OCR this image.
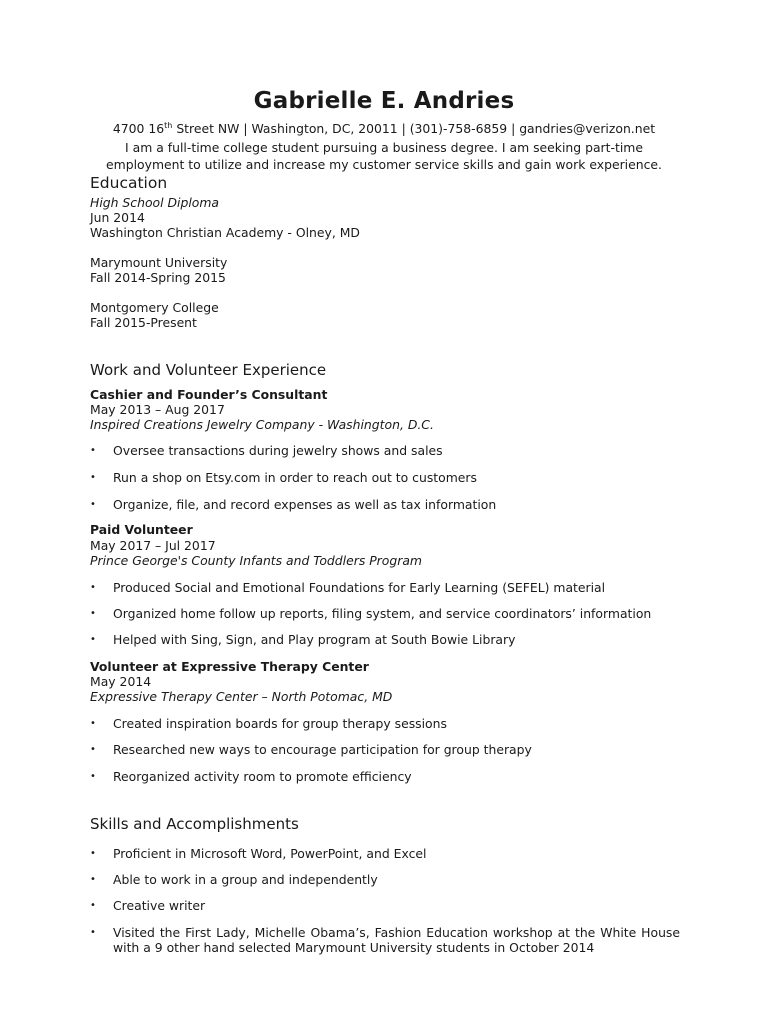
Gabrielle E. Andries
4700 16th Street NW | Washington, DC, 20011 | (301)-758-6859 | gandries@verizon.net
I am a full-time college student pursuing a business degree. I am seeking part-time employment to utilize and increase my customer service skills and gain work experience.
Education
High School Diploma
Jun 2014
Washington Christian Academy - Olney, MD
Marymount University
Fall 2014-Spring 2015
Montgomery College
Fall 2015-Present
Work and Volunteer Experience
Cashier and Founder’s Consultant
May 2013 – Aug 2017
Inspired Creations Jewelry Company - Washington, D.C.
• Oversee transactions during jewelry shows and sales
• Run a shop on Etsy.com in order to reach out to customers
• Organize, file, and record expenses as well as tax information
Paid Volunteer
May 2017 – Jul 2017
Prince George's County Infants and Toddlers Program
• Produced Social and Emotional Foundations for Early Learning (SEFEL) material
• Organized home follow up reports, filing system, and service coordinators’ information
• Helped with Sing, Sign, and Play program at South Bowie Library
Volunteer at Expressive Therapy Center
May 2014
Expressive Therapy Center – North Potomac, MD
• Created inspiration boards for group therapy sessions
• Researched new ways to encourage participation for group therapy
• Reorganized activity room to promote efficiency
Skills and Accomplishments
• Proficient in Microsoft Word, PowerPoint, and Excel
• Able to work in a group and independently
• Creative writer
• Visited the First Lady, Michelle Obama’s, Fashion Education workshop at the White House with a 9 other hand selected Marymount University students in October 2014
